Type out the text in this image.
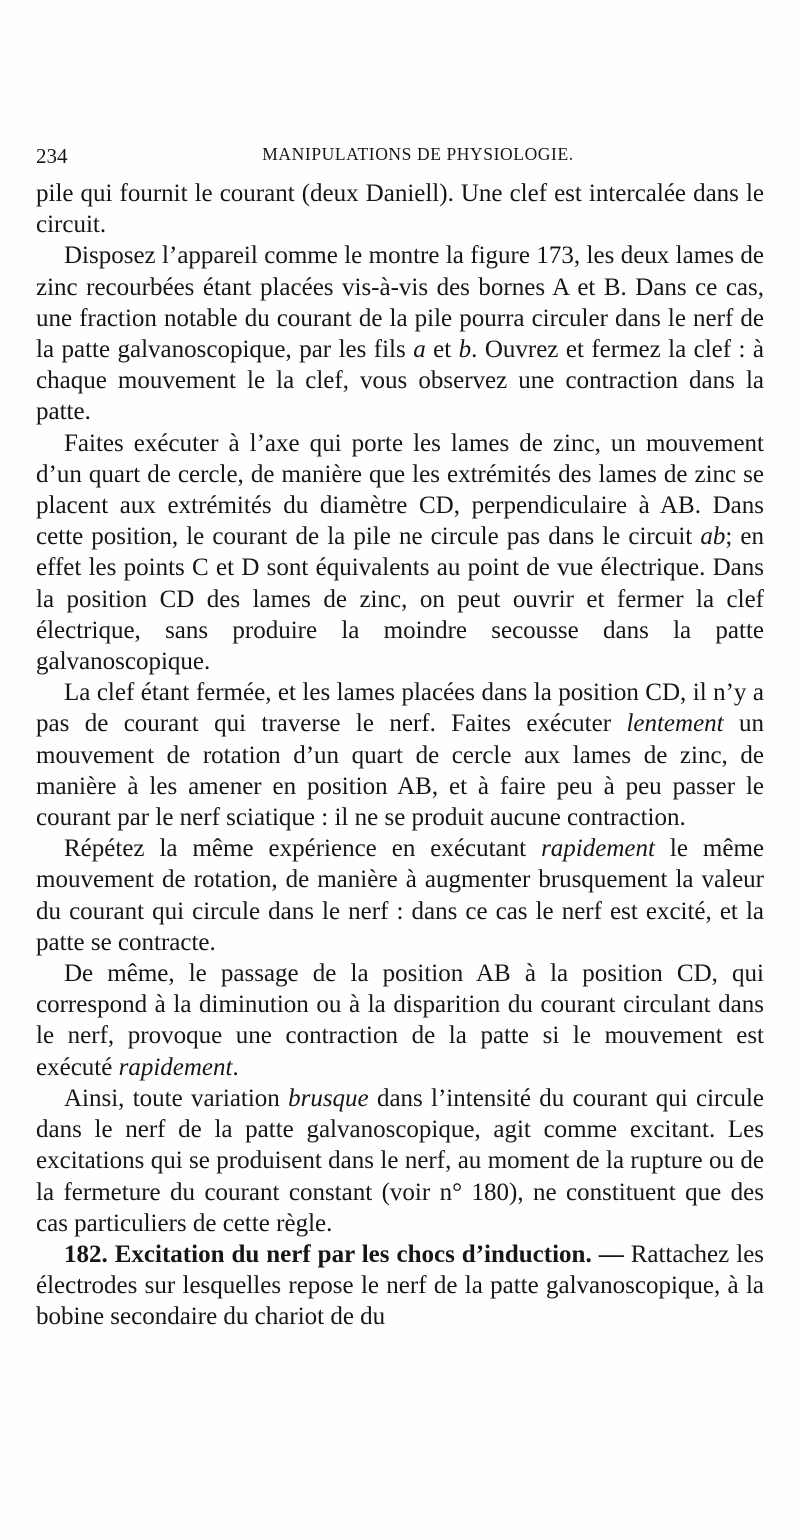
234	MANIPULATIONS DE PHYSIOLOGIE.

pile qui fournit le courant (deux Daniell). Une clef est intercalée dans le circuit.

Disposez l’appareil comme le montre la figure 173, les deux lames de zinc recourbées étant placées vis-à-vis des bornes A et B. Dans ce cas, une fraction notable du courant de la pile pourra circuler dans le nerf de la patte galvanoscopique, par les fils a et b. Ouvrez et fermez la clef : à chaque mouvement le la clef, vous observez une contraction dans la patte.

Faites exécuter à l’axe qui porte les lames de zinc, un mouvement d’un quart de cercle, de manière que les extrémités des lames de zinc se placent aux extrémités du diamètre CD, perpendiculaire à AB. Dans cette position, le courant de la pile ne circule pas dans le circuit ab; en effet les points C et D sont équivalents au point de vue électrique. Dans la position CD des lames de zinc, on peut ouvrir et fermer la clef électrique, sans produire la moindre secousse dans la patte galvanoscopique.

La clef étant fermée, et les lames placées dans la position CD, il n’y a pas de courant qui traverse le nerf. Faites exécuter lentement un mouvement de rotation d’un quart de cercle aux lames de zinc, de manière à les amener en position AB, et à faire peu à peu passer le courant par le nerf sciatique : il ne se produit aucune contraction.

Répétez la même expérience en exécutant rapidement le même mouvement de rotation, de manière à augmenter brusquement la valeur du courant qui circule dans le nerf : dans ce cas le nerf est excité, et la patte se contracte.

De même, le passage de la position AB à la position CD, qui correspond à la diminution ou à la disparition du courant circulant dans le nerf, provoque une contraction de la patte si le mouvement est exécuté rapidement.

Ainsi, toute variation brusque dans l’intensité du courant qui circule dans le nerf de la patte galvanoscopique, agit comme excitant. Les excitations qui se produisent dans le nerf, au moment de la rupture ou de la fermeture du courant constant (voir n° 180), ne constituent que des cas particuliers de cette règle.

182. Excitation du nerf par les chocs d’induction. — Rattachez les électrodes sur lesquelles repose le nerf de la patte galvanoscopique, à la bobine secondaire du chariot de du
